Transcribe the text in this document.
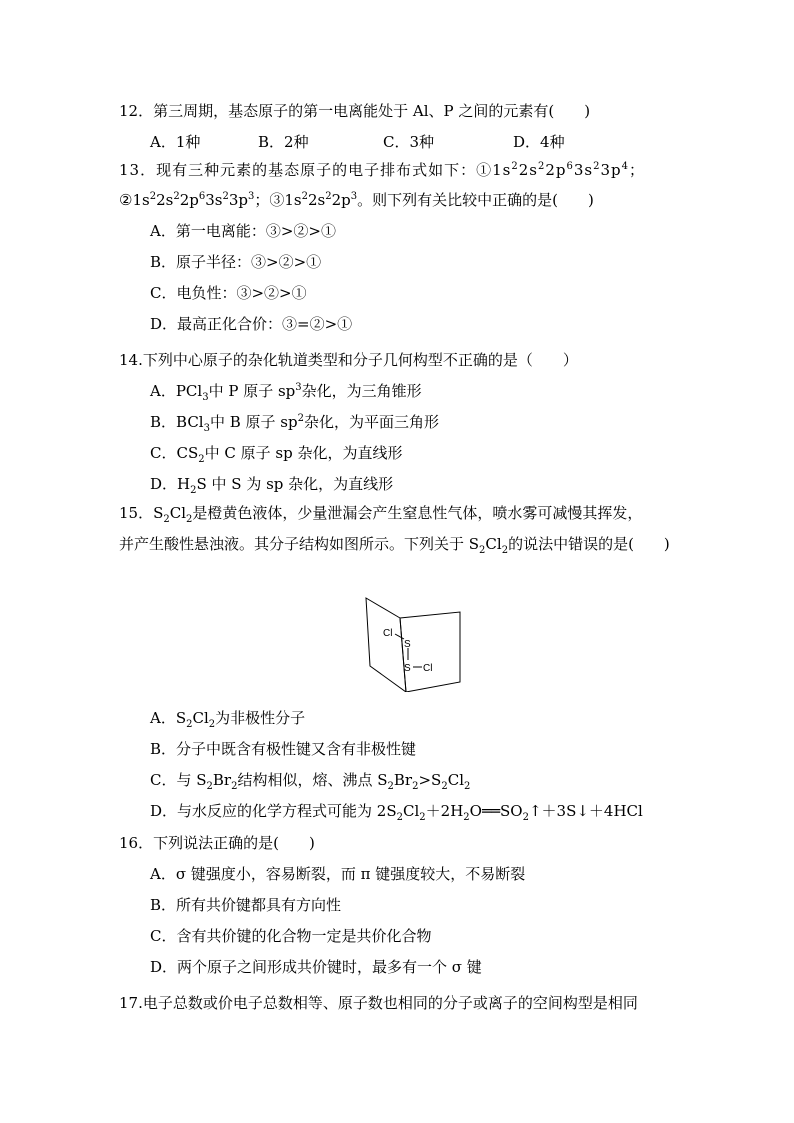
12．第三周期，基态原子的第一电离能处于 Al、P 之间的元素有(　　)
A．1种	B．2种	C．3种	D．4种
13．现有三种元素的基态原子的电子排布式如下：$①1s^22s^22p^63s^23p^4$；
$②1s^22s^22p^63s^23p^3$；$③1s^22s^22p^3$。则下列有关比较中正确的是(　　)
A．第一电离能：③>②>①
B．原子半径：③>②>①
C．电负性：③>②>①
D．最高正化合价：③=②>①
14.下列中心原子的杂化轨道类型和分子几何构型不正确的是（　　）
A．PCl$_3$中 P 原子 $sp^3$杂化，为三角锥形
B．BCl$_3$中 B 原子 $sp^2$杂化，为平面三角形
C．$CS_2$中 C 原子 sp 杂化，为直线形
D．$H_2S$ 中 S 为 sp 杂化，为直线形
15．$S_2Cl_2$是橙黄色液体，少量泄漏会产生窒息性气体，喷水雾可减慢其挥发，
并产生酸性悬浊液。其分子结构如图所示。下列关于 $S_2Cl_2$的说法中错误的是(　　)
Cl
S
S Cl
A．$S_2Cl_2$为非极性分子
B．分子中既含有极性键又含有非极性键
C．与 $S_2Br_2$结构相似，熔、沸点 $S_2Br_2>S_2Cl_2$
D．与水反应的化学方程式可能为 $2S_2Cl_2+2H_2O══SO_2↑+3S↓+4HCl$
16．下列说法正确的是(　　)
A．σ 键强度小，容易断裂，而 π 键强度较大，不易断裂
B．所有共价键都具有方向性
C．含有共价键的化合物一定是共价化合物
D．两个原子之间形成共价键时，最多有一个 σ 键
17.电子总数或价电子总数相等、原子数也相同的分子或离子的空间构型是相同
